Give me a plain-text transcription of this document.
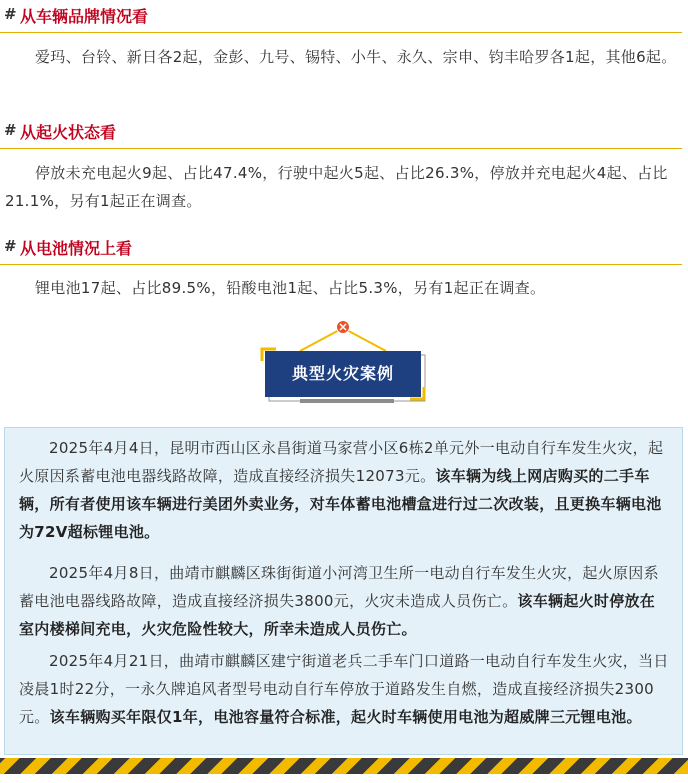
# 从车辆品牌情况看

爱玛、台铃、新日各2起，金彭、九号、锡特、小牛、永久、宗申、钧丰哈罗各1起，其他6起。

# 从起火状态看

停放未充电起火9起、占比47.4%，行驶中起火5起、占比26.3%，停放并充电起火4起、占比21.1%，另有1起正在调查。

# 从电池情况上看

锂电池17起、占比89.5%，铅酸电池1起、占比5.3%，另有1起正在调查。

典型火灾案例

2025年4月4日，昆明市西山区永昌街道马家营小区6栋2单元外一电动自行车发生火灾，起火原因系蓄电池电器线路故障，造成直接经济损失12073元。该车辆为线上网店购买的二手车辆，所有者使用该车辆进行美团外卖业务，对车体蓄电池槽盒进行过二次改装，且更换车辆电池为72V超标锂电池。

2025年4月8日，曲靖市麒麟区珠街街道小河湾卫生所一电动自行车发生火灾，起火原因系蓄电池电器线路故障，造成直接经济损失3800元，火灾未造成人员伤亡。该车辆起火时停放在室内楼梯间充电，火灾危险性较大，所幸未造成人员伤亡。

2025年4月21日，曲靖市麒麟区建宁街道老兵二手车门口道路一电动自行车发生火灾，当日凌晨1时22分，一永久牌追风者型号电动自行车停放于道路发生自燃，造成直接经济损失2300元。该车辆购买年限仅1年，电池容量符合标准，起火时车辆使用电池为超威牌三元锂电池。
